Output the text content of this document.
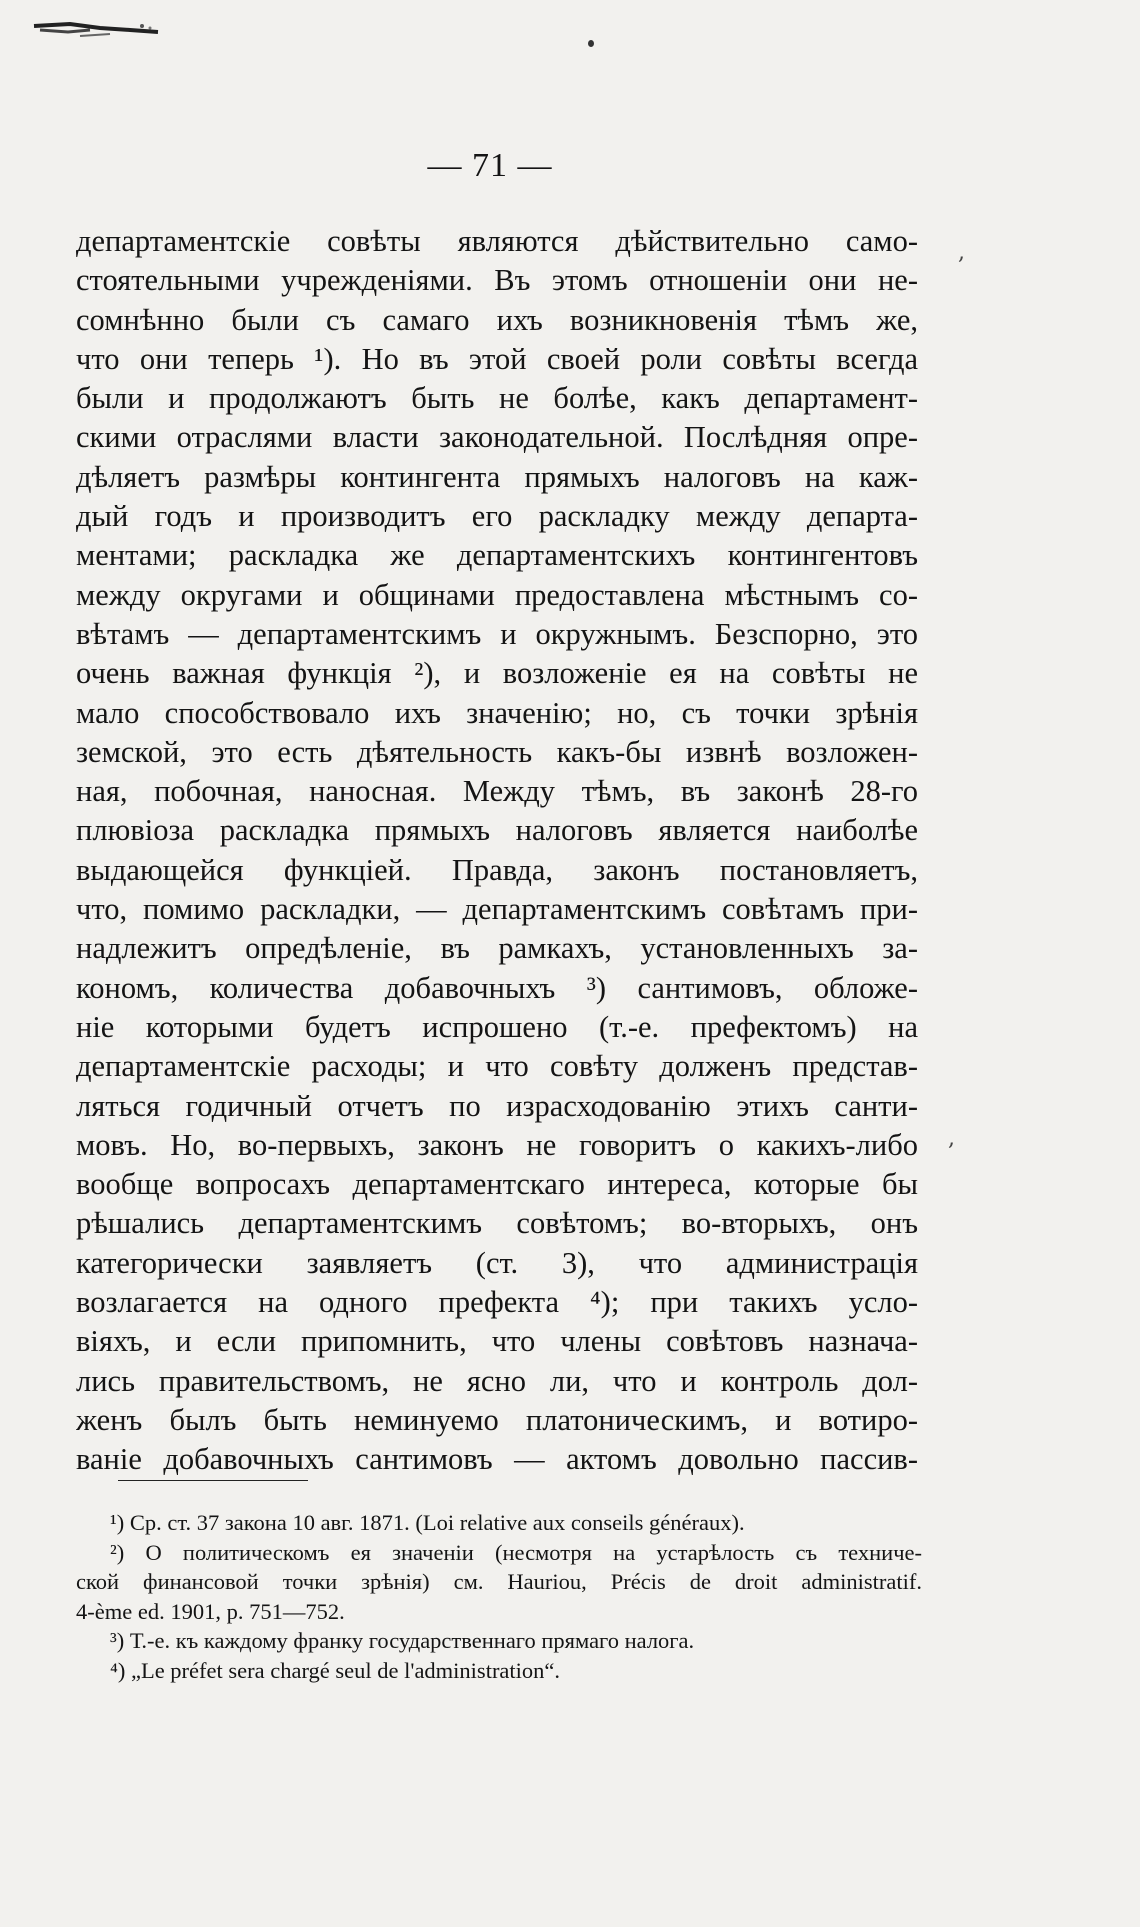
,
,
— 71 —
департаментскіе совѣты являются дѣйствительно само-
стоятельными учрежденіями. Въ этомъ отношеніи они не-
сомнѣнно были съ самаго ихъ возникновенія тѣмъ же,
что они теперь ¹). Но въ этой своей роли совѣты всегда
были и продолжаютъ быть не болѣе, какъ департамент-
скими отраслями власти законодательной. Послѣдняя опре-
дѣляетъ размѣры контингента прямыхъ налоговъ на каж-
дый годъ и производитъ его раскладку между департа-
ментами; раскладка же департаментскихъ контингентовъ
между округами и общинами предоставлена мѣстнымъ со-
вѣтамъ — департаментскимъ и окружнымъ. Безспорно, это
очень важная функція ²), и возложеніе ея на совѣты не
мало способствовало ихъ значенію; но, съ точки зрѣнія
земской, это есть дѣятельность какъ-бы извнѣ возложен-
ная, побочная, наносная. Между тѣмъ, въ законѣ 28-го
плювіоза раскладка прямыхъ налоговъ является наиболѣе
выдающейся функціей. Правда, законъ постановляетъ,
что, помимо раскладки, — департаментскимъ совѣтамъ при-
надлежитъ опредѣленіе, въ рамкахъ, установленныхъ за-
кономъ, количества добавочныхъ ³) сантимовъ, обложе-
ніе которыми будетъ испрошено (т.-е. префектомъ) на
департаментскіе расходы; и что совѣту долженъ представ-
ляться годичный отчетъ по израсходованію этихъ санти-
мовъ. Но, во-первыхъ, законъ не говоритъ о какихъ-либо
вообще вопросахъ департаментскаго интереса, которые бы
рѣшались департаментскимъ совѣтомъ; во-вторыхъ, онъ
категорически заявляетъ (ст. 3), что администрація
возлагается на одного префекта ⁴); при такихъ усло-
віяхъ, и если припомнить, что члены совѣтовъ назнача-
лись правительствомъ, не ясно ли, что и контроль дол-
женъ былъ быть неминуемо платоническимъ, и вотиро-
ваніе добавочныхъ сантимовъ — актомъ довольно пассив-
¹) Ср. ст. 37 закона 10 авг. 1871. (Loi relative aux conseils généraux).
²) О политическомъ ея значеніи (несмотря на устарѣлость съ техниче-
ской финансовой точки зрѣнія) см. Hauriou, Précis de droit administratif.
4-ème ed. 1901, p. 751—752.
³) Т.-е. къ каждому франку государственнаго прямаго налога.
⁴) „Le préfet sera chargé seul de l'administration“.
